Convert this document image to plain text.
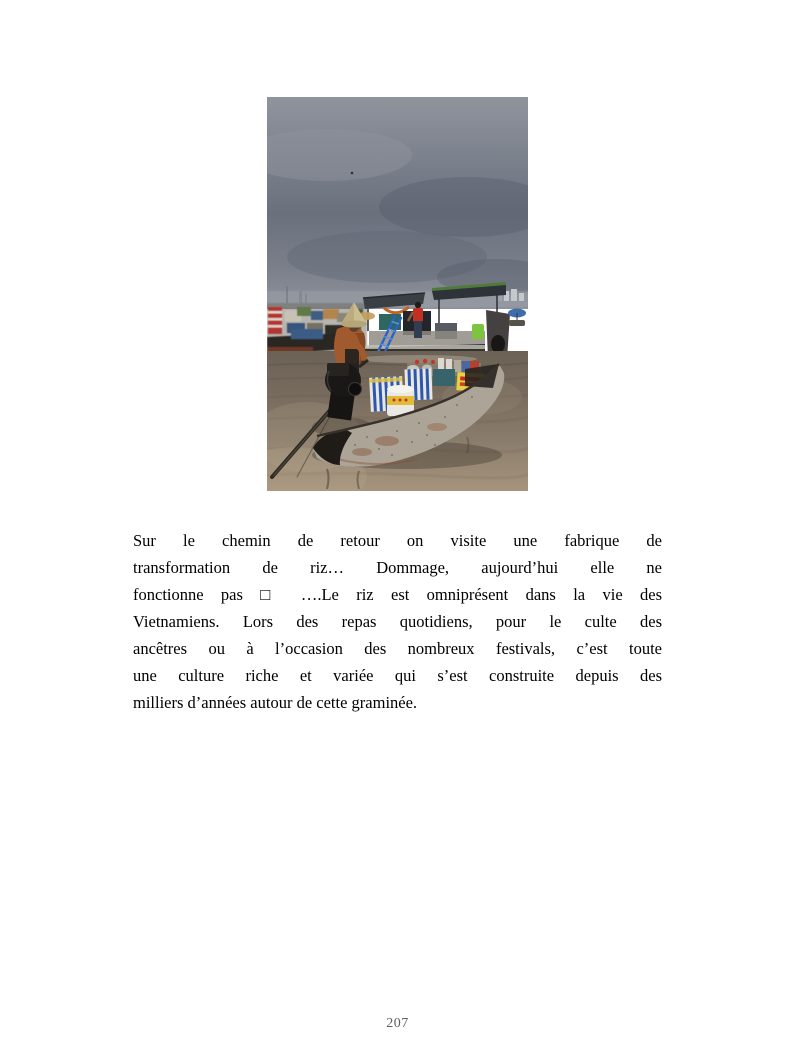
Sur le chemin de retour on visite une fabrique de
transformation de riz… Dommage, aujourd’hui elle ne
fonctionne pas □ ….Le riz est omniprésent dans la vie des
Vietnamiens. Lors des repas quotidiens, pour le culte des
ancêtres ou à l’occasion des nombreux festivals, c’est toute
une culture riche et variée qui s’est construite depuis des
milliers d’années autour de cette graminée.
207
